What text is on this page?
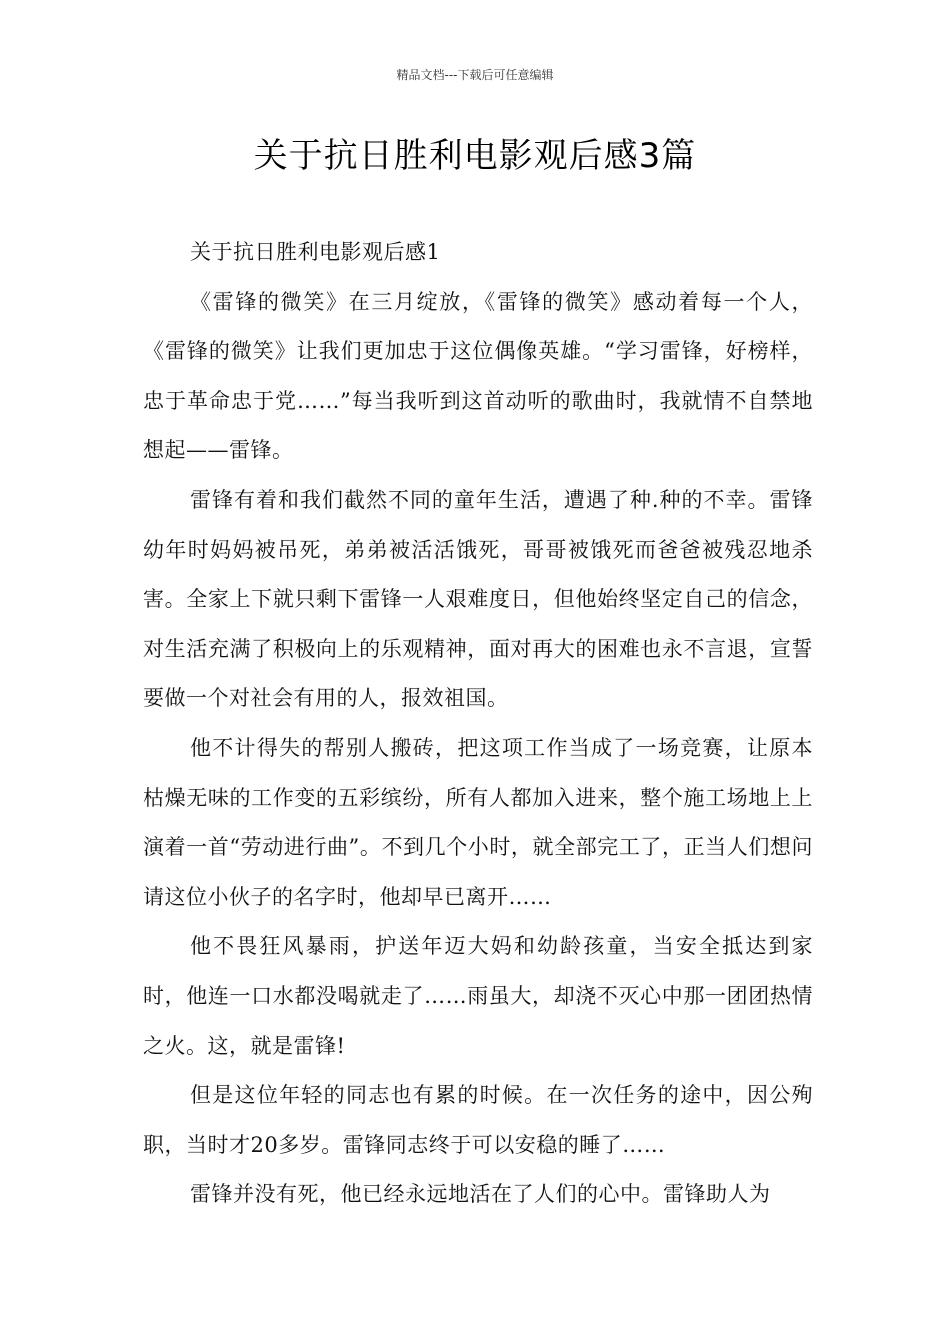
精品文档---下载后可任意编辑
关于抗日胜利电影观后感3篇
关于抗日胜利电影观后感1

《雷锋的微笑》在三月绽放，《雷锋的微笑》感动着每一个人，《雷锋的微笑》让我们更加忠于这位偶像英雄。“学习雷锋，好榜样，忠于革命忠于党……”每当我听到这首动听的歌曲时，我就情不自禁地想起——雷锋。

雷锋有着和我们截然不同的童年生活，遭遇了种.种的不幸。雷锋幼年时妈妈被吊死，弟弟被活活饿死，哥哥被饿死而爸爸被残忍地杀害。全家上下就只剩下雷锋一人艰难度日，但他始终坚定自己的信念，对生活充满了积极向上的乐观精神，面对再大的困难也永不言退，宣誓要做一个对社会有用的人，报效祖国。

他不计得失的帮别人搬砖，把这项工作当成了一场竞赛，让原本枯燥无味的工作变的五彩缤纷，所有人都加入进来，整个施工场地上上演着一首“劳动进行曲”。不到几个小时，就全部完工了，正当人们想问请这位小伙子的名字时，他却早已离开……

他不畏狂风暴雨，护送年迈大妈和幼龄孩童，当安全抵达到家时，他连一口水都没喝就走了……雨虽大，却浇不灭心中那一团团热情之火。这，就是雷锋!

但是这位年轻的同志也有累的时候。在一次任务的途中，因公殉职，当时才20多岁。雷锋同志终于可以安稳的睡了……

雷锋并没有死，他已经永远地活在了人们的心中。雷锋助人为
